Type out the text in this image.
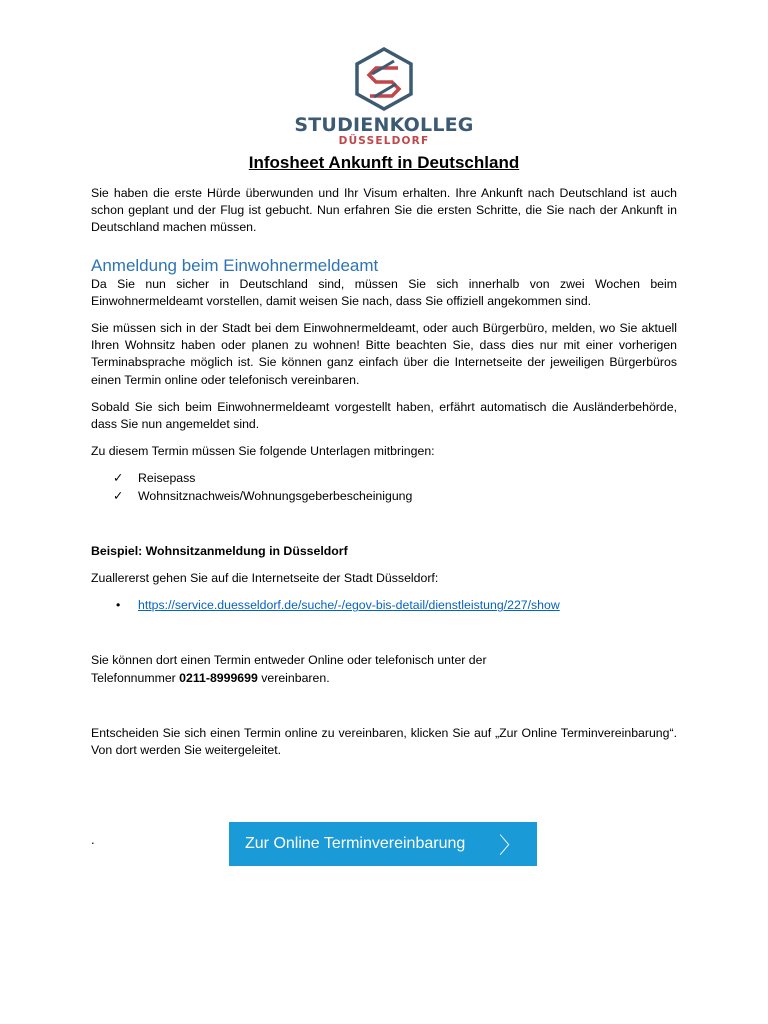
STUDIENKOLLEG
DÜSSELDORF
Infosheet Ankunft in Deutschland

Sie haben die erste Hürde überwunden und Ihr Visum erhalten. Ihre Ankunft nach Deutschland ist auch schon geplant und der Flug ist gebucht. Nun erfahren Sie die ersten Schritte, die Sie nach der Ankunft in Deutschland machen müssen.

Anmeldung beim Einwohnermeldeamt

Da Sie nun sicher in Deutschland sind, müssen Sie sich innerhalb von zwei Wochen beim Einwohnermeldeamt vorstellen, damit weisen Sie nach, dass Sie offiziell angekommen sind.

Sie müssen sich in der Stadt bei dem Einwohnermeldeamt, oder auch Bürgerbüro, melden, wo Sie aktuell Ihren Wohnsitz haben oder planen zu wohnen! Bitte beachten Sie, dass dies nur mit einer vorherigen Terminabsprache möglich ist. Sie können ganz einfach über die Internetseite der jeweiligen Bürgerbüros einen Termin online oder telefonisch vereinbaren.

Sobald Sie sich beim Einwohnermeldeamt vorgestellt haben, erfährt automatisch die Ausländerbehörde, dass Sie nun angemeldet sind.

Zu diesem Termin müssen Sie folgende Unterlagen mitbringen:

✓ Reisepass
✓ Wohnsitznachweis/Wohnungsgeberbescheinigung

Beispiel: Wohnsitzanmeldung in Düsseldorf

Zuallererst gehen Sie auf die Internetseite der Stadt Düsseldorf:

• https://service.duesseldorf.de/suche/-/egov-bis-detail/dienstleistung/227/show

Sie können dort einen Termin entweder Online oder telefonisch unter der
Telefonnummer 0211-8999699 vereinbaren.

Entscheiden Sie sich einen Termin online zu vereinbaren, klicken Sie auf „Zur Online Terminvereinbarung“. Von dort werden Sie weitergeleitet.

.	Zur Online Terminvereinbarung 〉
